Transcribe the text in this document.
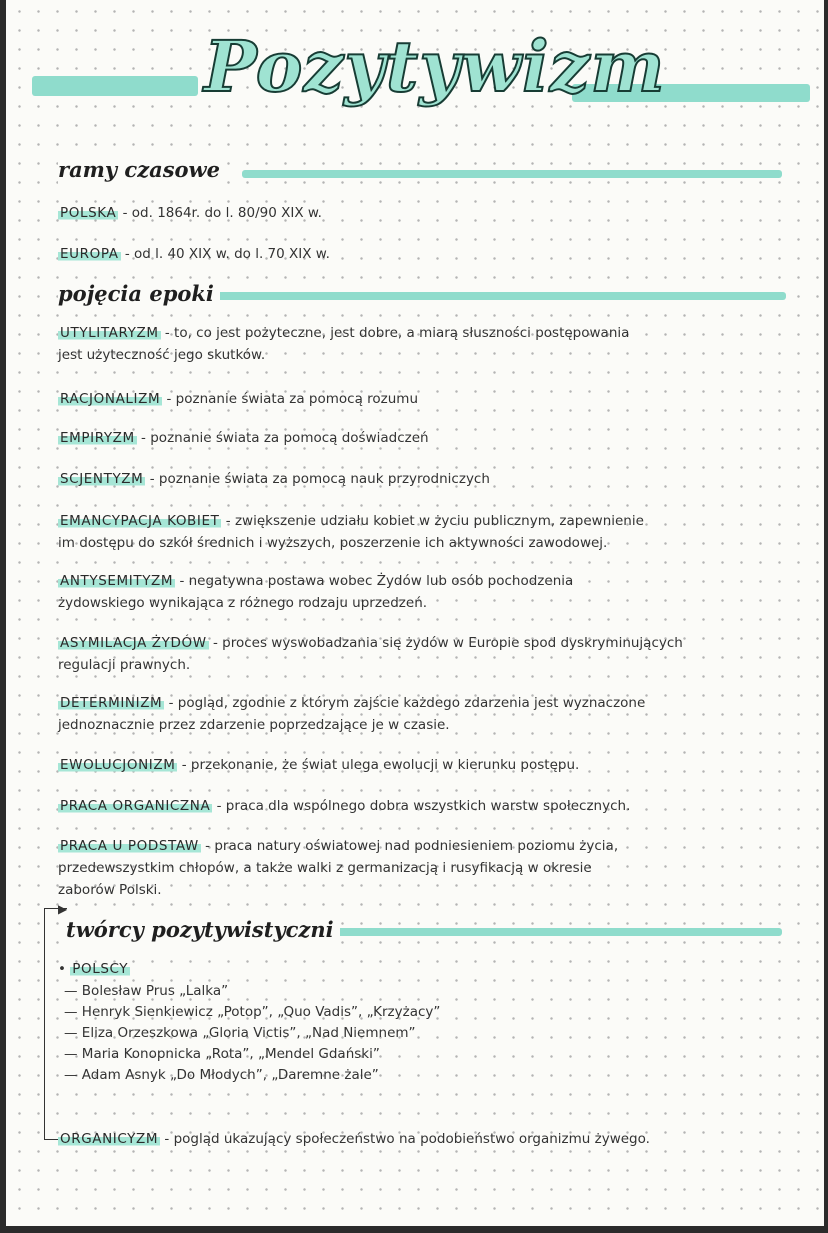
Pozytywizm
ramy czasowe
POLSKA - od. 1864r. do l. 80/90 XIX w.
EUROPA - od l. 40 XIX w. do l. 70 XIX w.
pojęcia epoki
UTYLITARYZM - to, co jest pożyteczne, jest dobre, a miarą słuszności postępowania
jest użyteczność jego skutków.
RACJONALIZM - poznanie świata za pomocą rozumu
EMPIRYZM - poznanie świata za pomocą doświadczeń
SCJENTYZM - poznanie świata za pomocą nauk przyrodniczych
EMANCYPACJA KOBIET - zwiększenie udziału kobiet w życiu publicznym, zapewnienie
im dostępu do szkół średnich i wyższych, poszerzenie ich aktywności zawodowej.
ANTYSEMITYZM - negatywna postawa wobec Żydów lub osób pochodzenia
żydowskiego wynikająca z różnego rodzaju uprzedzeń.
ASYMILACJA ŻYDÓW - proces wyswobadzania się żydów w Europie spod dyskryminujących
regulacji prawnych.
DETERMINIZM - pogląd, zgodnie z którym zajście każdego zdarzenia jest wyznaczone
jednoznacznie przez zdarzenie poprzedzające je w czasie.
EWOLUCJONIZM - przekonanie, że świat ulega ewolucji w kierunku postępu.
PRACA ORGANICZNA - praca dla wspólnego dobra wszystkich warstw społecznych.
PRACA U PODSTAW - praca natury oświatowej nad podniesieniem poziomu życia,
przedewszystkim chłopów, a także walki z germanizacją i rusyfikacją w okresie
zaborów Polski.
▶
twórcy pozytywistyczni
• POLSCY
— Bolesław Prus „Lalka”
— Henryk Sienkiewicz „Potop”, „Quo Vadis”, „Krzyżacy”
— Eliza Orzeszkowa „Gloria Victis”, „Nad Niemnem”
— Maria Konopnicka „Rota”, „Mendel Gdański”
— Adam Asnyk „Do Młodych”, „Daremne żale”
ORGANICYZM - pogląd ukazujący społeczeństwo na podobieństwo organizmu żywego.
